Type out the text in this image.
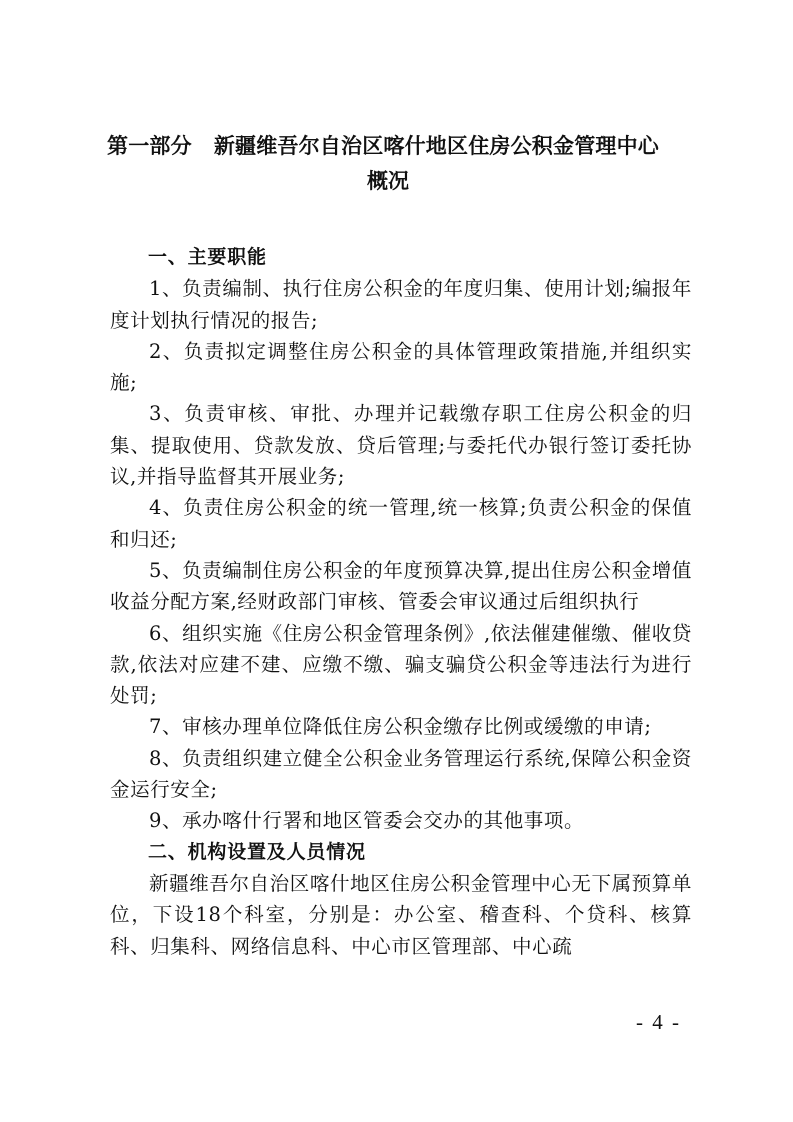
第一部分 新疆维吾尔自治区喀什地区住房公积金管理中心
概况

一、主要职能

1、负责编制、执行住房公积金的年度归集、使用计划;编报年度计划执行情况的报告;

2、负责拟定调整住房公积金的具体管理政策措施,并组织实施;

3、负责审核、审批、办理并记载缴存职工住房公积金的归集、提取使用、贷款发放、贷后管理;与委托代办银行签订委托协议,并指导监督其开展业务;

4、负责住房公积金的统一管理,统一核算;负责公积金的保值和归还;

5、负责编制住房公积金的年度预算决算,提出住房公积金增值收益分配方案,经财政部门审核、管委会审议通过后组织执行

6、组织实施《住房公积金管理条例》,依法催建催缴、催收贷款,依法对应建不建、应缴不缴、骗支骗贷公积金等违法行为进行处罚;

7、审核办理单位降低住房公积金缴存比例或缓缴的申请;

8、负责组织建立健全公积金业务管理运行系统,保障公积金资金运行安全;

9、承办喀什行署和地区管委会交办的其他事项。

二、机构设置及人员情况

新疆维吾尔自治区喀什地区住房公积金管理中心无下属预算单位，下设18个科室，分别是：办公室、稽查科、个贷科、核算科、归集科、网络信息科、中心市区管理部、中心疏

- 4 -
